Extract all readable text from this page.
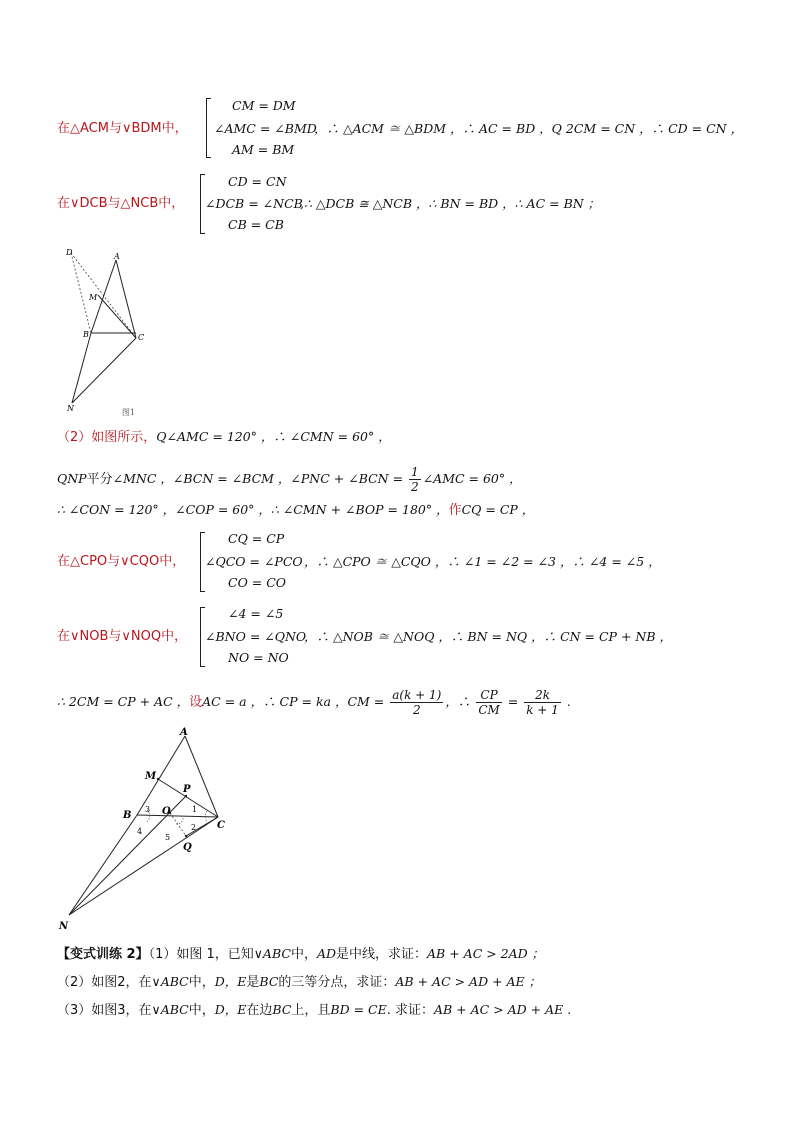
在△ACM与∨BDM中，
CM = DM
∠AMC = ∠BMD
AM = BM
，∴ △ACM ≅ △BDM ，∴ AC = BD ，Q 2CM = CN ，∴ CD = CN ，
在∨DCB与△NCB中，
CD = CN
∠DCB = ∠NCB
CB = CB
,∴ △DCB ≅ △NCB ，∴ BN = BD ，∴ AC = BN ；
D	A
M
B	C
N	图1
（2）如图所示，Q∠AMC = 120° ，∴ ∠CMN = 60° ，
QNP平分∠MNC ，∠BCN = ∠BCM ，∠PNC + ∠BCN = $\frac{1}{2}$ ∠AMC = 60° ，
∴ ∠CON = 120° ，∠COP = 60° ，∴ ∠CMN + ∠BOP = 180° ，作CQ = CP ，
在△CPO与∨CQO中，
CQ = CP
∠QCO = ∠PCO
CO = CO
，∴ △CPO ≅ △CQO ，∴ ∠1 = ∠2 = ∠3 ，∴ ∠4 = ∠5 ，
在∨NOB与∨NOQ中，
∠4 = ∠5
∠BNO = ∠QNO
NO = NO
，∴ △NOB ≅ △NOQ ，∴ BN = NQ ，∴ CN = CP + NB ，
∴ 2CM = CP + AC ，设AC = a ，∴ CP = ka ，CM = $\frac{a(k + 1)}{2}$ ，∴ $\frac{CP}{CM} = \frac{2k}{k + 1}$ .
A
M
P
B	O
C
Q
N
1
2
3
4
5
【变式训练 2】（1）如图 1，已知∨ABC中，AD是中线，求证：AB + AC > 2AD ；
（2）如图2，在∨ABC中，D，E是BC的三等分点，求证：AB + AC > AD + AE ；
（3）如图3，在∨ABC中，D，E在边BC上，且BD = CE. 求证：AB + AC > AD + AE .
